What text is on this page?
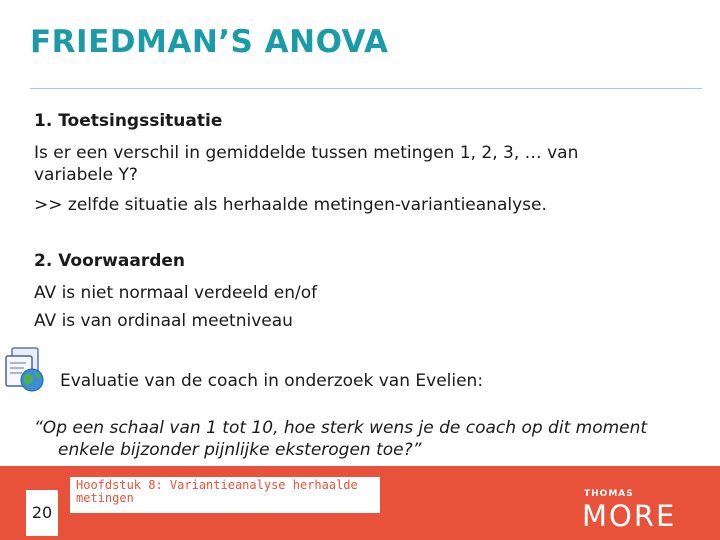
FRIEDMAN’S ANOVA

1. Toetsingssituatie

Is er een verschil in gemiddelde tussen metingen 1, 2, 3, … van variabele Y?

>> zelfde situatie als herhaalde metingen-variantieanalyse.

2. Voorwaarden

AV is niet normaal verdeeld en/of

AV is van ordinaal meetniveau

Evaluatie van de coach in onderzoek van Evelien:

“Op een schaal van 1 tot 10, hoe sterk wens je de coach op dit moment
enkele bijzonder pijnlijke eksterogen toe?”

20
Hoofdstuk 8: Variantieanalyse herhaalde metingen	THOMAS
MORE
